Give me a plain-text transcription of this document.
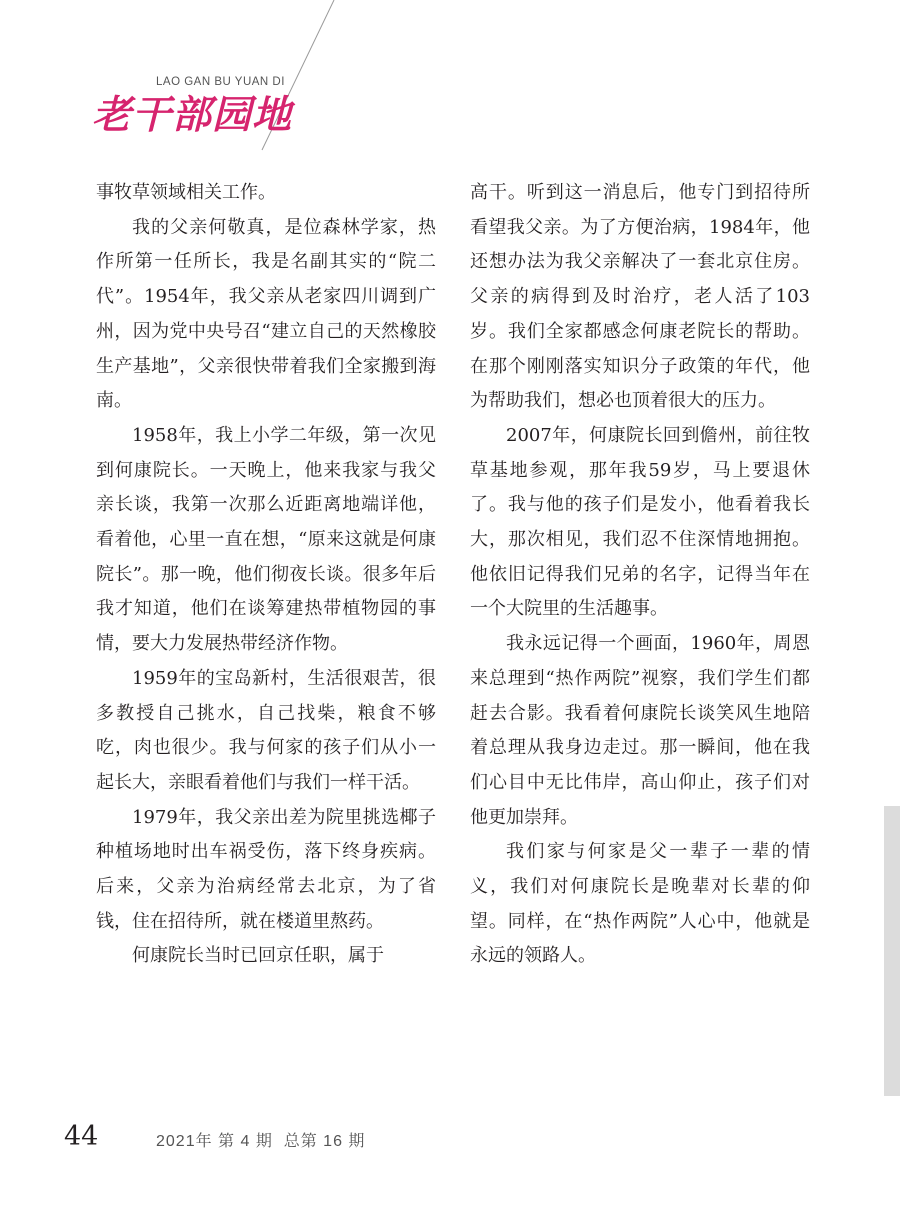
LAO GAN BU YUAN DI
老干部园地

事牧草领域相关工作。

我的父亲何敬真，是位森林学家，热作所第一任所长，我是名副其实的“院二代”。1954年，我父亲从老家四川调到广州，因为党中央号召“建立自己的天然橡胶生产基地”，父亲很快带着我们全家搬到海南。

1958年，我上小学二年级，第一次见到何康院长。一天晚上，他来我家与我父亲长谈，我第一次那么近距离地端详他，看着他，心里一直在想，“原来这就是何康院长”。那一晚，他们彻夜长谈。很多年后我才知道，他们在谈筹建热带植物园的事情，要大力发展热带经济作物。

1959年的宝岛新村，生活很艰苦，很多教授自己挑水，自己找柴，粮食不够吃，肉也很少。我与何家的孩子们从小一起长大，亲眼看着他们与我们一样干活。

1979年，我父亲出差为院里挑选椰子种植场地时出车祸受伤，落下终身疾病。后来，父亲为治病经常去北京，为了省钱，住在招待所，就在楼道里熬药。

何康院长当时已回京任职，属于

高干。听到这一消息后，他专门到招待所看望我父亲。为了方便治病，1984年，他还想办法为我父亲解决了一套北京住房。父亲的病得到及时治疗，老人活了103岁。我们全家都感念何康老院长的帮助。在那个刚刚落实知识分子政策的年代，他为帮助我们，想必也顶着很大的压力。

2007年，何康院长回到儋州，前往牧草基地参观，那年我59岁，马上要退休了。我与他的孩子们是发小，他看着我长大，那次相见，我们忍不住深情地拥抱。他依旧记得我们兄弟的名字，记得当年在一个大院里的生活趣事。

我永远记得一个画面，1960年，周恩来总理到“热作两院”视察，我们学生们都赶去合影。我看着何康院长谈笑风生地陪着总理从我身边走过。那一瞬间，他在我们心目中无比伟岸，高山仰止，孩子们对他更加崇拜。

我们家与何家是父一辈子一辈的情义，我们对何康院长是晚辈对长辈的仰望。同样，在“热作两院”人心中，他就是永远的领路人。

44	2021年 第 4 期  总第 16 期
